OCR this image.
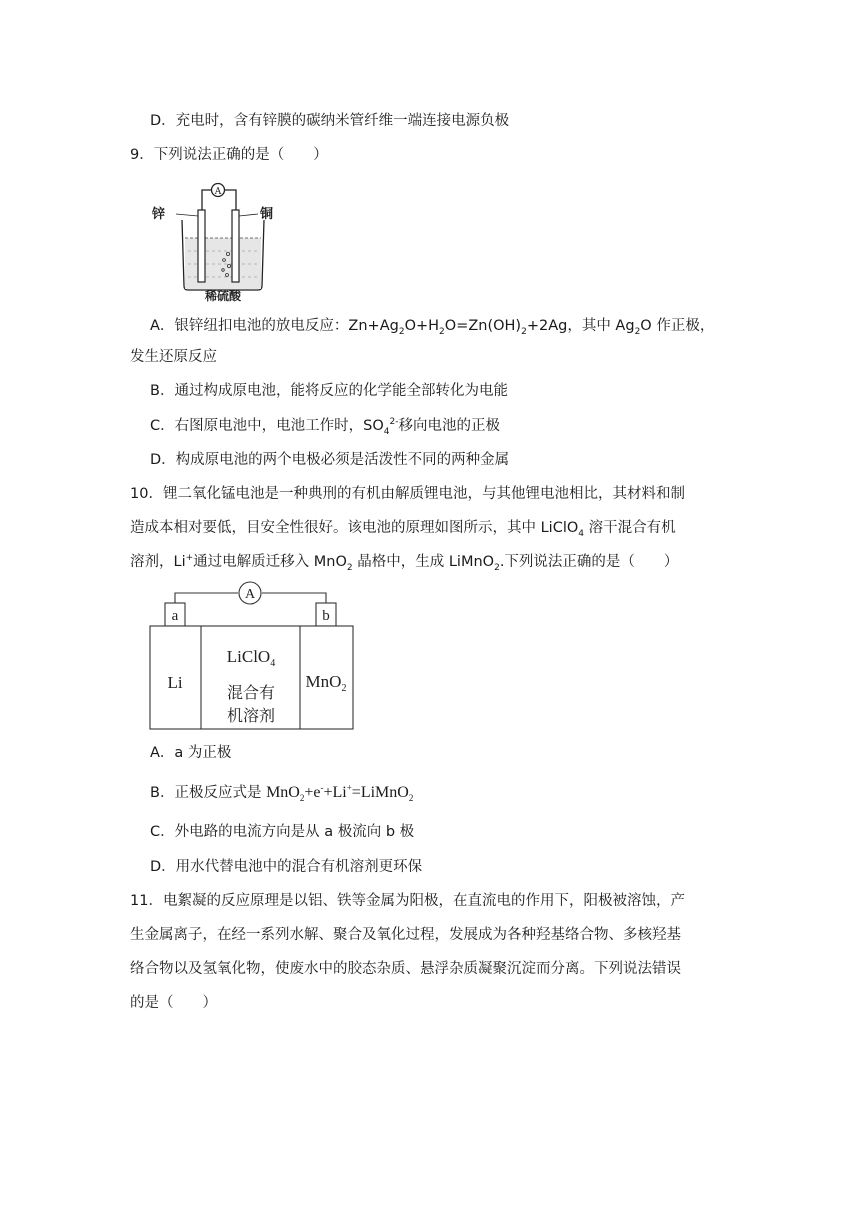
D．充电时，含有锌膜的碳纳米管纤维一端连接电源负极
9．下列说法正确的是（　　）
A
锌	铜
稀硫酸
A．银锌纽扣电池的放电反应：$Zn+Ag_2O+H_2O=Zn(OH)_2+2Ag$，其中 $Ag_2O$ 作正极，
发生还原反应
B．通过构成原电池，能将反应的化学能全部转化为电能
C．右图原电池中，电池工作时，$SO_4^{2-}$移向电池的正极
D．构成原电池的两个电极必须是活泼性不同的两种金属
10．锂二氧化锰电池是一种典刑的有机由解质锂电池，与其他锂电池相比，其材料和制
造成本相对要低，目安全性很好。该电池的原理如图所示，其中 LiClO$_4$ 溶干混合有机
溶剂，Li+通过电解质迁移入 MnO$_2$ 晶格中，生成 LiMnO$_2$.下列说法正确的是（　　）
A
a	b
Li
LiClO$_4$
混合有
机溶剂
MnO$_2$
A．a 为正极
B．正极反应式是 MnO$_2$+e-+Li+=LiMnO$_2$
C．外电路的电流方向是从 a 极流向 b 极
D．用水代替电池中的混合有机溶剂更环保
11．电絮凝的反应原理是以铝、铁等金属为阳极，在直流电的作用下，阳极被溶蚀，产
生金属离子，在经一系列水解、聚合及氧化过程，发展成为各种羟基络合物、多核羟基
络合物以及氢氧化物，使废水中的胶态杂质、悬浮杂质凝聚沉淀而分离。下列说法错误
的是（　　）
